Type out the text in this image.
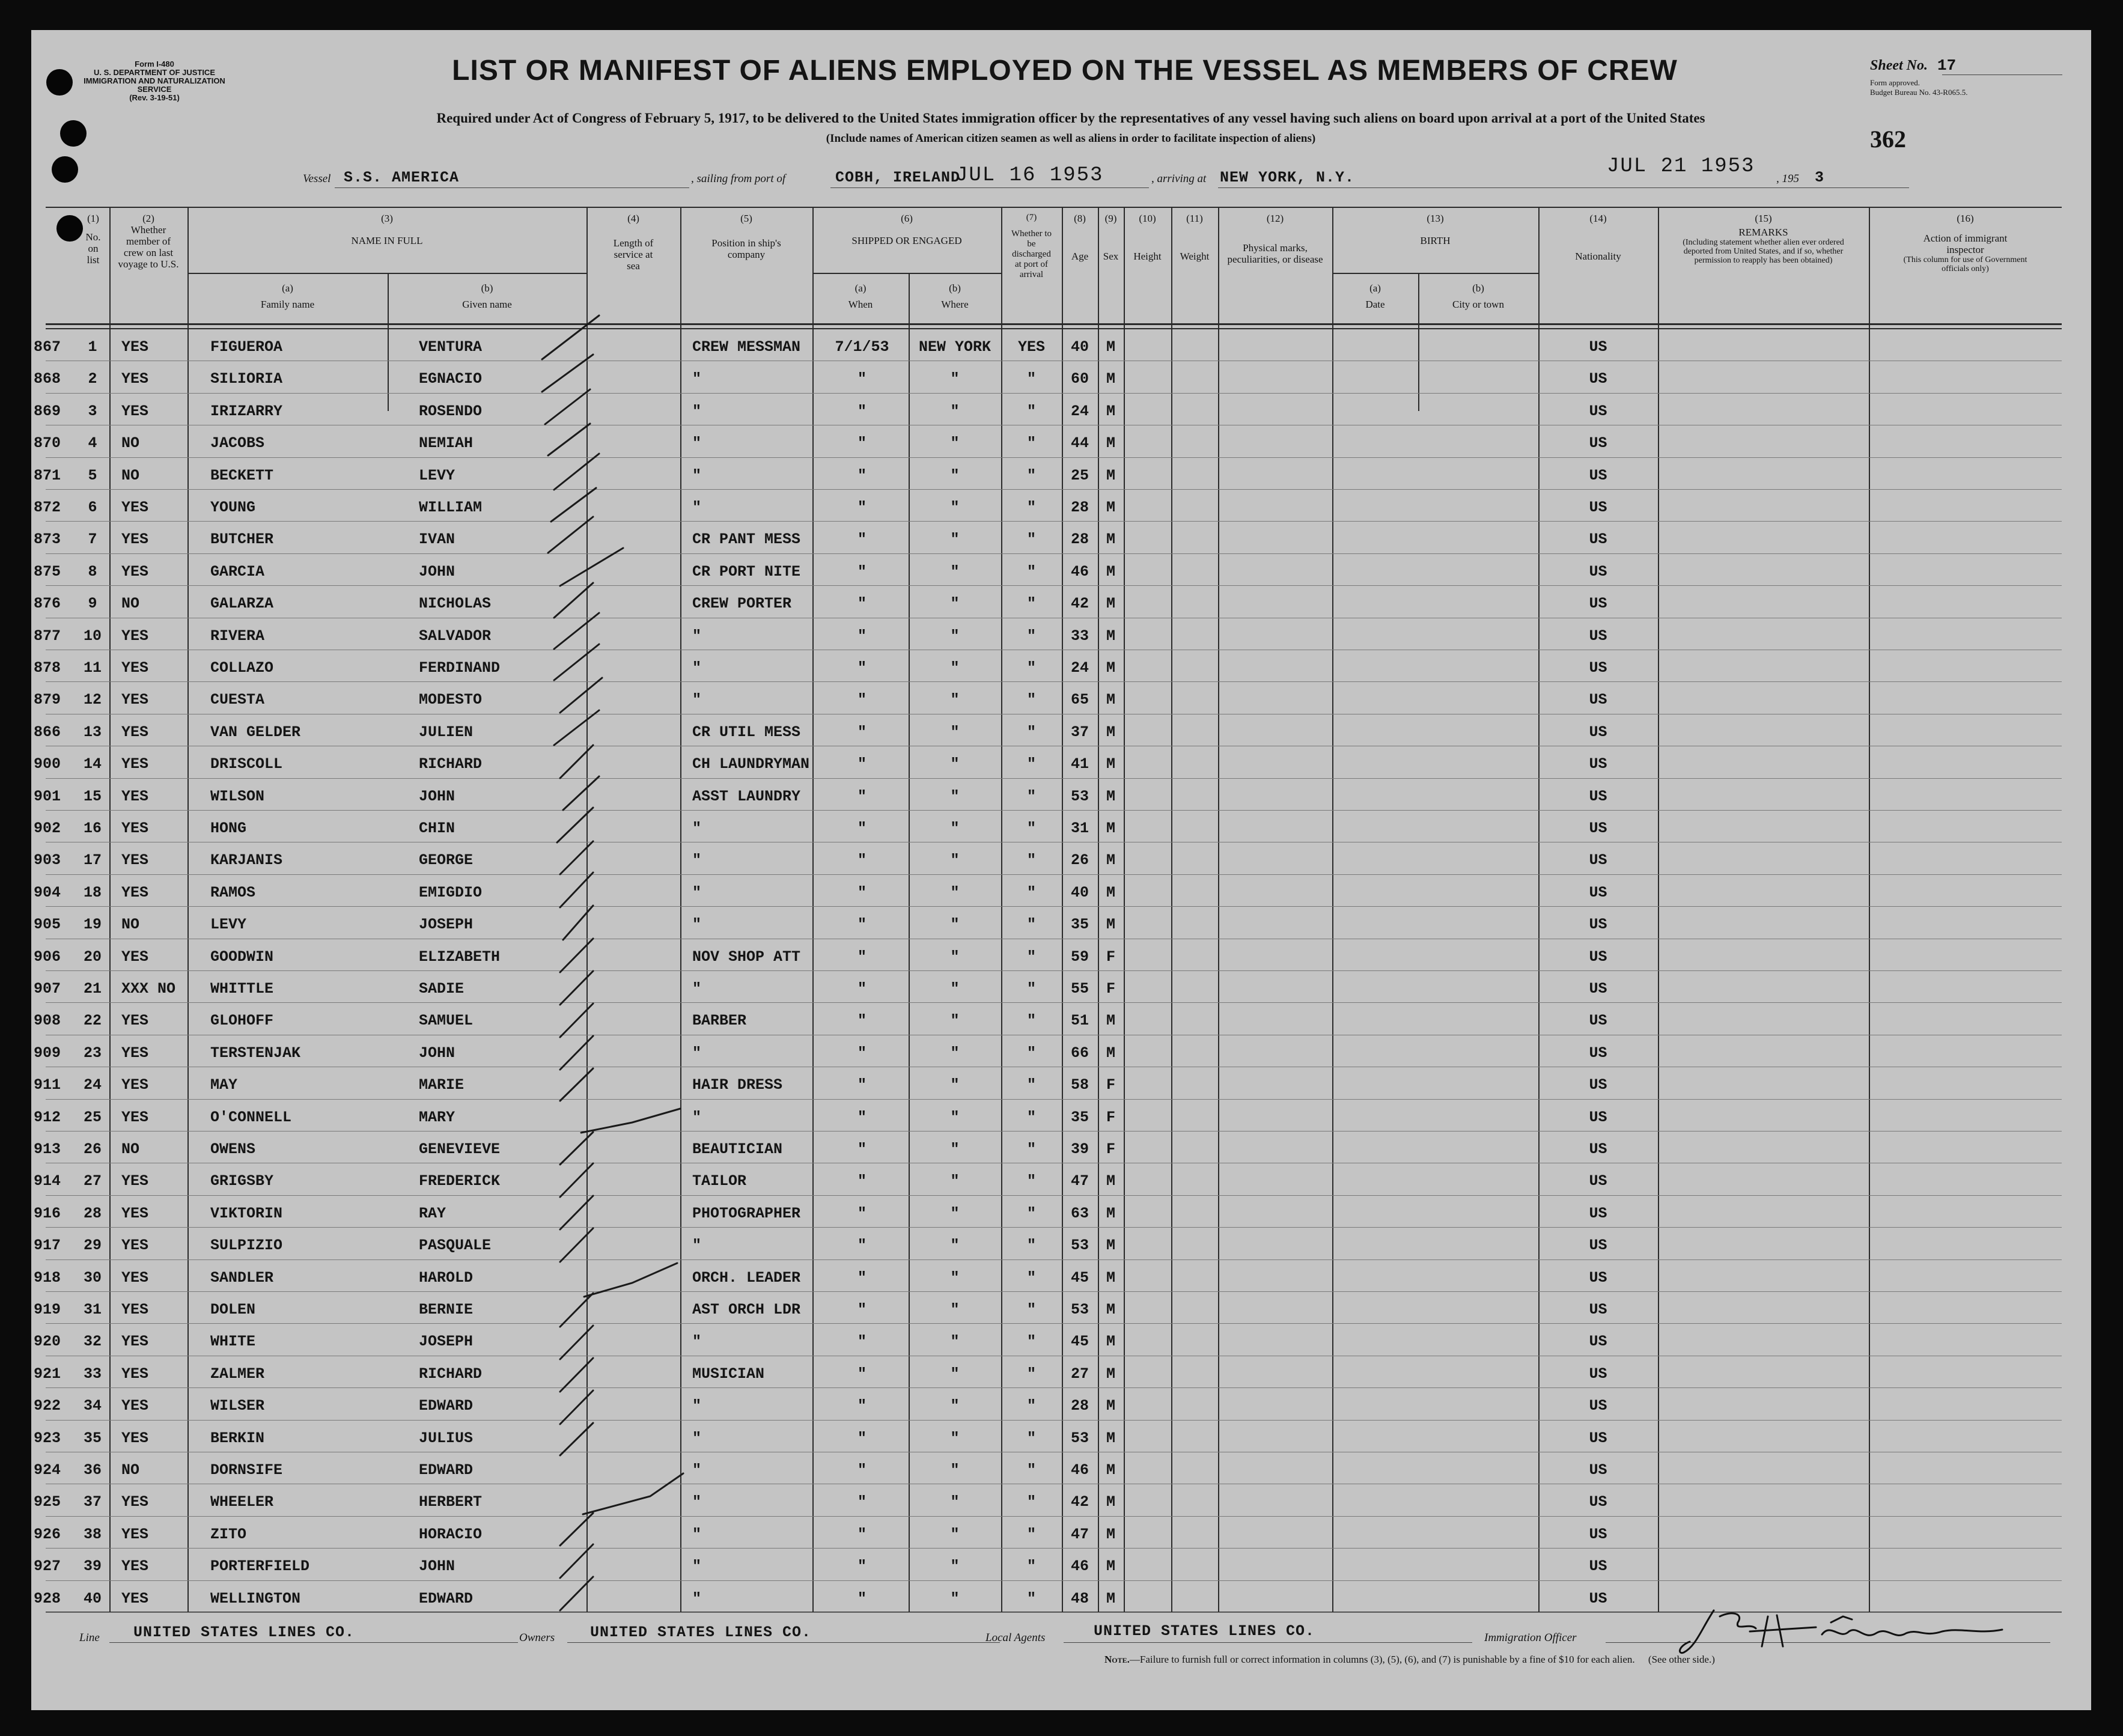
Form I-480
U. S. DEPARTMENT OF JUSTICE
IMMIGRATION AND NATURALIZATION SERVICE
(Rev. 3-19-51)
LIST OR MANIFEST OF ALIENS EMPLOYED ON THE VESSEL AS MEMBERS OF CREW	Sheet No. 17
Form approved.
Budget Bureau No. 43-R065.5.
362
Required under Act of Congress of February 5, 1917, to be delivered to the United States immigration officer by the representatives of any vessel having such aliens on board upon arrival at a port of the United States
(Include names of American citizen seamen as well as aliens in order to facilitate inspection of aliens)
Vessel S.S. AMERICA	, sailing from port of	COBH, IRELAND
JUL 16 1953	, arriving at NEW YORK, N.Y.	JUL 21 1953
, 195 3
(1)
No. on list
(2)
Whether member of crew on last voyage to U.S.
(3)
NAME IN FULL
(a)
Family name
(b)
Given name
(4)
Length of service at sea
(5)
Position in ship's company
(6)
SHIPPED OR ENGAGED
(a)
When
(b)
Where
(7)
Whether to be discharged at port of arrival
(8)
Age
(9)
Sex
(10)
Height
(11)
Weight
(12)
Physical marks, peculiarities, or disease
(13)
BIRTH
(a)
Date
(b)
City or town
(14)
Nationality
(15)
REMARKS
(Including statement whether alien ever ordered deported from United States, and if so, whether permission to reapply has been obtained)
(16)
Action of immigrant inspector
(This column for use of Government officials only)
867	1	YES	FIGUEROA	VENTURA	CREW MESSMAN	7/1/53	NEW YORK	YES	40	M	US
868	2	YES	SILIORIA	EGNACIO	"	"	"	"	60	M	US
869	3	YES	IRIZARRY	ROSENDO	"	"	"	"	24	M	US
870	4	NO	JACOBS	NEMIAH	"	"	"	"	44	M	US
871	5	NO	BECKETT	LEVY	"	"	"	"	25	M	US
872	6	YES	YOUNG	WILLIAM	"	"	"	"	28	M	US
873	7	YES	BUTCHER	IVAN	CR PANT MESS	"	"	"	28	M	US
875	8	YES	GARCIA	JOHN	CR PORT NITE	"	"	"	46	M	US
876	9	NO	GALARZA	NICHOLAS	CREW PORTER	"	"	"	42	M	US
877	10	YES	RIVERA	SALVADOR	"	"	"	"	33	M	US
878	11	YES	COLLAZO	FERDINAND	"	"	"	"	24	M	US
879	12	YES	CUESTA	MODESTO	"	"	"	"	65	M	US
866	13	YES	VAN GELDER	JULIEN	CR UTIL MESS	"	"	"	37	M	US
900	14	YES	DRISCOLL	RICHARD	CH LAUNDRYMAN	"	"	"	41	M	US
901	15	YES	WILSON	JOHN	ASST LAUNDRY	"	"	"	53	M	US
902	16	YES	HONG	CHIN	"	"	"	"	31	M	US
903	17	YES	KARJANIS	GEORGE	"	"	"	"	26	M	US
904	18	YES	RAMOS	EMIGDIO	"	"	"	"	40	M	US
905	19	NO	LEVY	JOSEPH	"	"	"	"	35	M	US
906	20	YES	GOODWIN	ELIZABETH	NOV SHOP ATT	"	"	"	59	F	US
907	21	XXX NO	WHITTLE	SADIE	"	"	"	"	55	F	US
908	22	YES	GLOHOFF	SAMUEL	BARBER	"	"	"	51	M	US
909	23	YES	TERSTENJAK	JOHN	"	"	"	"	66	M	US
911	24	YES	MAY	MARIE	HAIR DRESS	"	"	"	58	F	US
912	25	YES	O'CONNELL	MARY	"	"	"	"	35	F	US
913	26	NO	OWENS	GENEVIEVE	BEAUTICIAN	"	"	"	39	F	US
914	27	YES	GRIGSBY	FREDERICK	TAILOR	"	"	"	47	M	US
916	28	YES	VIKTORIN	RAY	PHOTOGRAPHER	"	"	"	63	M	US
917	29	YES	SULPIZIO	PASQUALE	"	"	"	"	53	M	US
918	30	YES	SANDLER	HAROLD	ORCH. LEADER	"	"	"	45	M	US
919	31	YES	DOLEN	BERNIE	AST ORCH LDR	"	"	"	53	M	US
920	32	YES	WHITE	JOSEPH	"	"	"	"	45	M	US
921	33	YES	ZALMER	RICHARD	MUSICIAN	"	"	"	27	M	US
922	34	YES	WILSER	EDWARD	"	"	"	"	28	M	US
923	35	YES	BERKIN	JULIUS	"	"	"	"	53	M	US
924	36	NO	DORNSIFE	EDWARD	"	"	"	"	46	M	US
925	37	YES	WHEELER	HERBERT	"	"	"	"	42	M	US
926	38	YES	ZITO	HORACIO	"	"	"	"	47	M	US
927	39	YES	PORTERFIELD	JOHN	"	"	"	"	46	M	US
928	40	YES	WELLINGTON	EDWARD	"	"	"	"	48	M	US
Line UNITED STATES LINES CO.	Owners UNITED STATES LINES CO.	Local Agents	UNITED STATES LINES CO.	Immigration Officer
Note.—Failure to furnish full or correct information in columns (3), (5), (6), and (7) is punishable by a fine of $10 for each alien. (See other side.)
